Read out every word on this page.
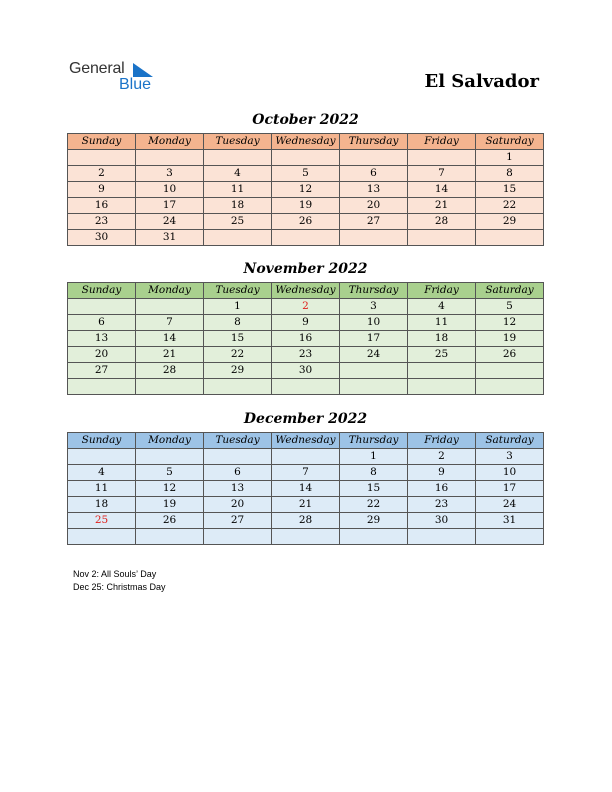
General
Blue	El Salvador
October 2022
Sunday	Monday	Tuesday	Wednesday	Thursday	Friday	Saturday
						1
2	3	4	5	6	7	8
9	10	11	12	13	14	15
16	17	18	19	20	21	22
23	24	25	26	27	28	29
30	31					
November 2022
Sunday	Monday	Tuesday	Wednesday	Thursday	Friday	Saturday
		1	2	3	4	5
6	7	8	9	10	11	12
13	14	15	16	17	18	19
20	21	22	23	24	25	26
27	28	29	30			

December 2022
Sunday	Monday	Tuesday	Wednesday	Thursday	Friday	Saturday
				1	2	3
4	5	6	7	8	9	10
11	12	13	14	15	16	17
18	19	20	21	22	23	24
25	26	27	28	29	30	31

Nov 2: All Souls’ Day
Dec 25: Christmas Day
